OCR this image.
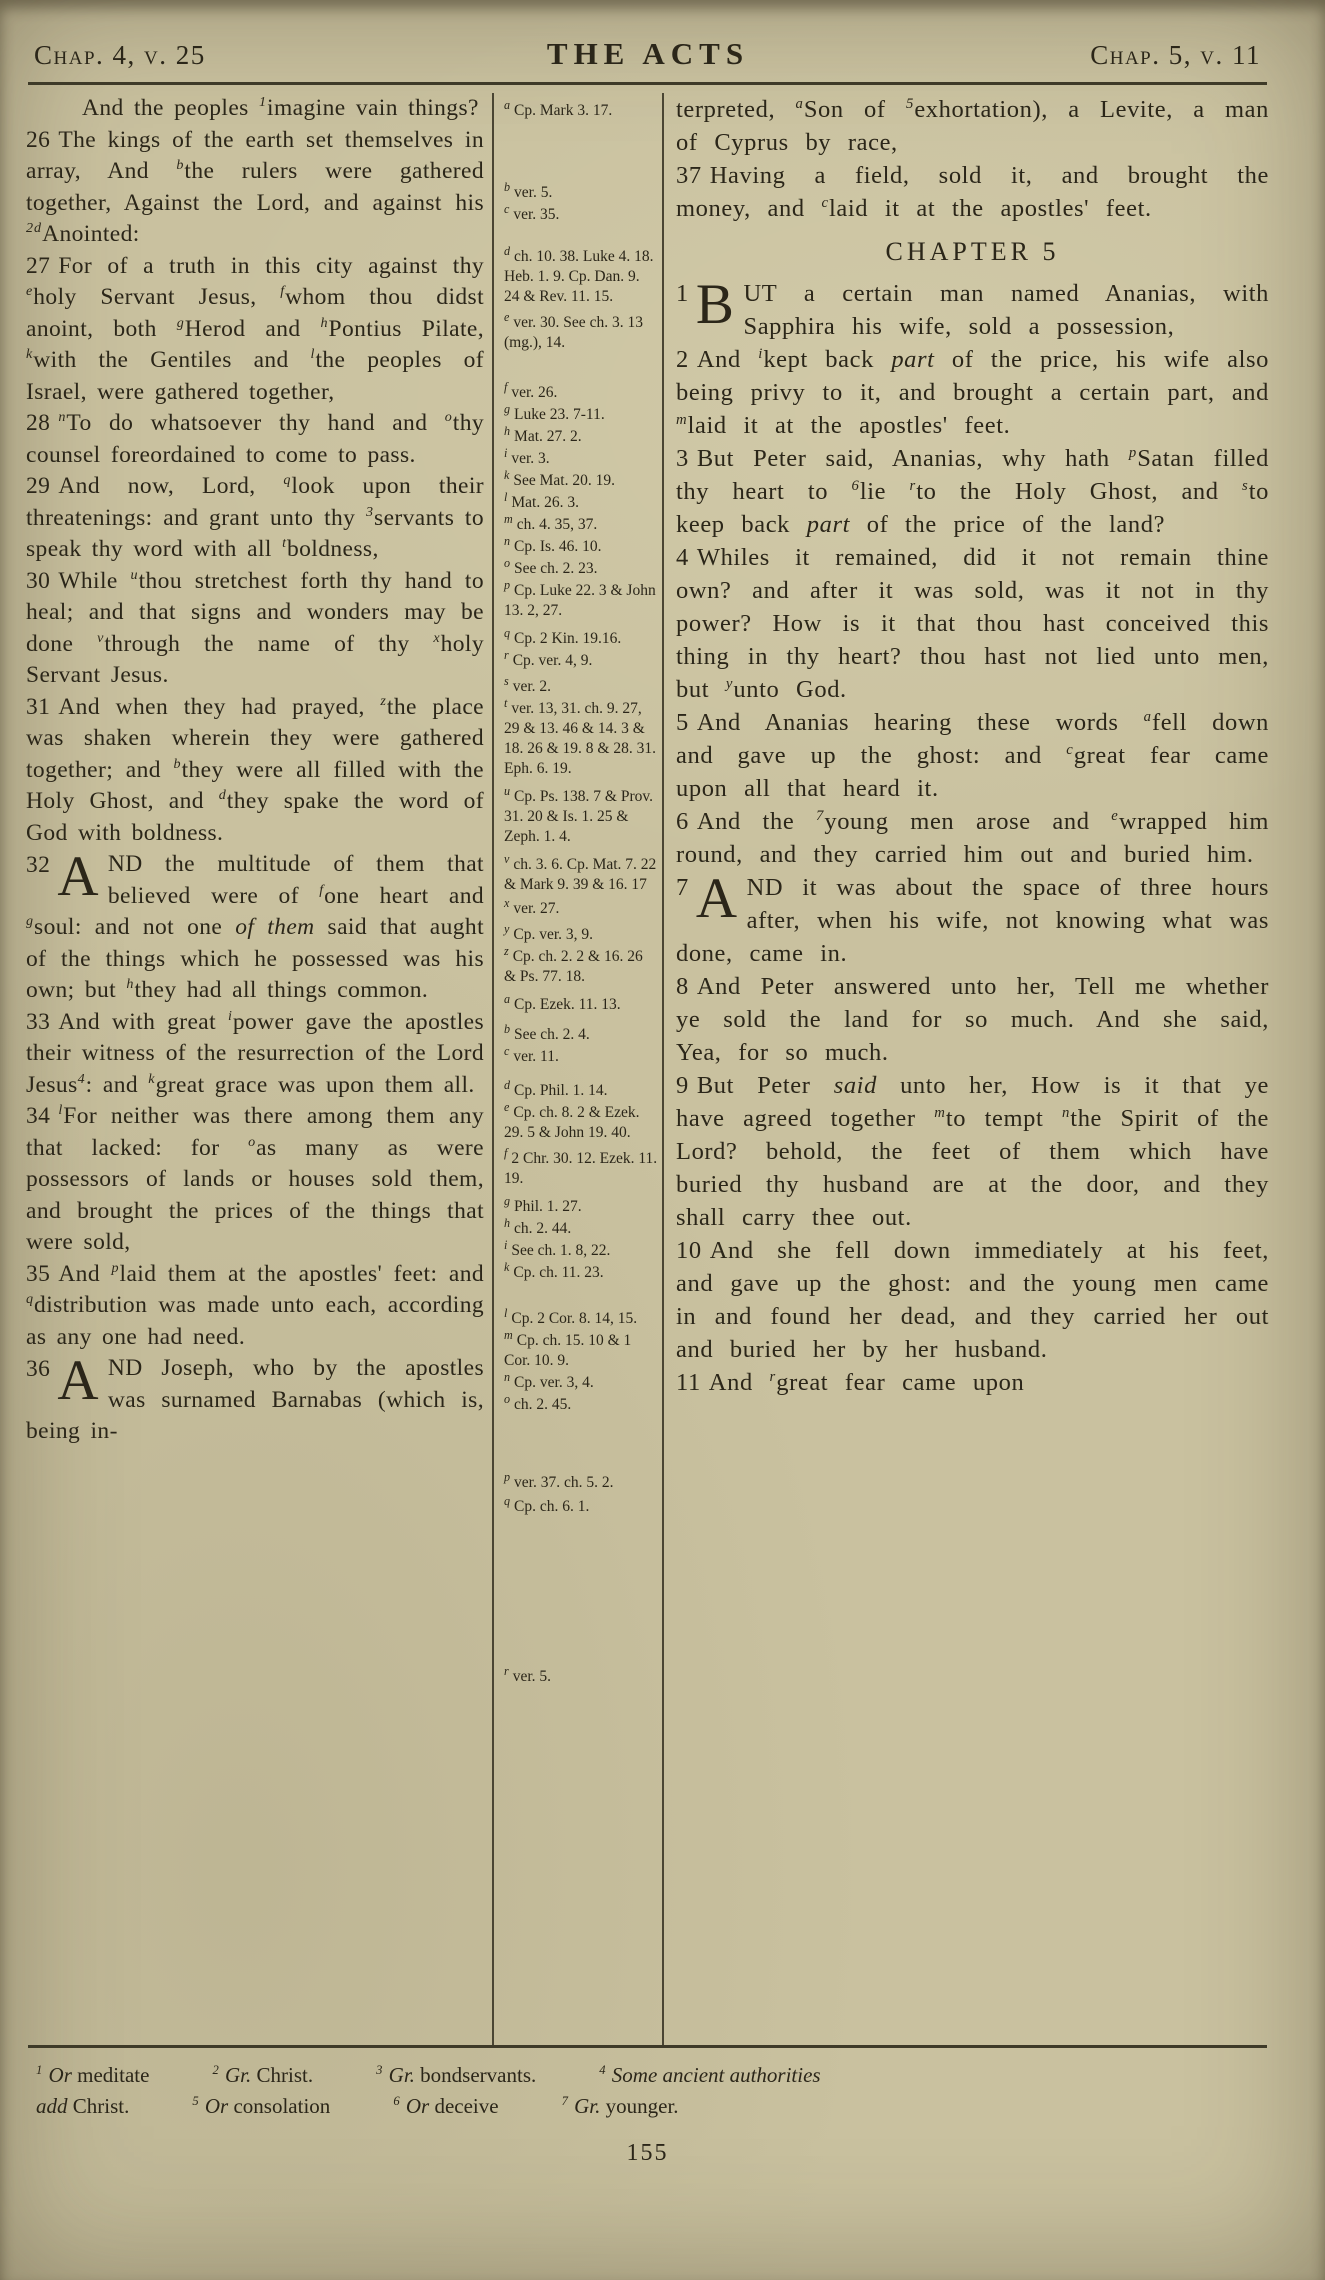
Chap. 4, v. 25	THE ACTS	Chap. 5, v. 11

And the peoples $^1$imagine vain things?

26 The kings of the earth set themselves in array, And $^b$the rulers were gathered together, Against the Lord, and against his $^{2d}$Anointed:

27 For of a truth in this city against thy $^e$holy Servant Jesus, $^f$whom thou didst anoint, both $^g$Herod and $^h$Pontius Pilate, $^k$with the Gentiles and $^l$the peoples of Israel, were gathered together,

28 $^n$To do whatsoever thy hand and $^o$thy counsel foreordained to come to pass.

29 And now, Lord, $^q$look upon their threatenings: and grant unto thy $^3$servants to speak thy word with all $^t$boldness,

30 While $^u$thou stretchest forth thy hand to heal; and that signs and wonders may be done $^v$through the name of thy $^x$holy Servant Jesus.

31 And when they had prayed, $^z$the place was shaken wherein they were gathered together; and $^b$they were all filled with the Holy Ghost, and $^d$they spake the word of God with boldness.

32 A ND the multitude of them that believed were of $^f$one heart and $^g$soul: and not one of them said that aught of the things which he possessed was his own; but $^h$they had all things common.

33 And with great $^i$power gave the apostles their witness of the resurrection of the Lord Jesus$^4$: and $^k$great grace was upon them all.

34 $^l$For neither was there among them any that lacked: for $^o$as many as were possessors of lands or houses sold them, and brought the prices of the things that were sold,

35 And $^p$laid them at the apostles' feet: and $^q$distribution was made unto each, according as any one had need.

36 A ND Joseph, who by the apostles was surnamed Barnabas (which is, being in-

$^a$ Cp. Mark 3. 17.
$^b$ ver. 5.
$^c$ ver. 35.
$^d$ ch. 10. 38. Luke 4. 18. Heb. 1. 9. Cp. Dan. 9. 24 & Rev. 11. 15.
$^e$ ver. 30. See ch. 3. 13 (mg.), 14.
$^f$ ver. 26.
$^g$ Luke 23. 7-11.
$^h$ Mat. 27. 2.
$^i$ ver. 3.
$^k$ See Mat. 20. 19.
$^l$ Mat. 26. 3.
$^m$ ch. 4. 35, 37.
$^n$ Cp. Is. 46. 10.
$^o$ See ch. 2. 23.
$^p$ Cp. Luke 22. 3 & John 13. 2, 27.
$^q$ Cp. 2 Kin. 19.16.
$^r$ Cp. ver. 4, 9.
$^s$ ver. 2.
$^t$ ver. 13, 31. ch. 9. 27, 29 & 13. 46 & 14. 3 & 18. 26 & 19. 8 & 28. 31. Eph. 6. 19.
$^u$ Cp. Ps. 138. 7 & Prov. 31. 20 & Is. 1. 25 & Zeph. 1. 4.
$^v$ ch. 3. 6. Cp. Mat. 7. 22 & Mark 9. 39 & 16. 17
$^x$ ver. 27.
$^y$ Cp. ver. 3, 9.
$^z$ Cp. ch. 2. 2 & 16. 26 & Ps. 77. 18.
$^a$ Cp. Ezek. 11. 13.
$^b$ See ch. 2. 4.
$^c$ ver. 11.
$^d$ Cp. Phil. 1. 14.
$^e$ Cp. ch. 8. 2 & Ezek. 29. 5 & John 19. 40.
$^f$ 2 Chr. 30. 12. Ezek. 11. 19.
$^g$ Phil. 1. 27.
$^h$ ch. 2. 44.
$^i$ See ch. 1. 8, 22.
$^k$ Cp. ch. 11. 23.
$^l$ Cp. 2 Cor. 8. 14, 15.
$^m$ Cp. ch. 15. 10 & 1 Cor. 10. 9.
$^n$ Cp. ver. 3, 4.
$^o$ ch. 2. 45.
$^p$ ver. 37. ch. 5. 2.
$^q$ Cp. ch. 6. 1.
$^r$ ver. 5.

terpreted, $^a$Son of $^5$exhortation), a Levite, a man of Cyprus by race,

37 Having a field, sold it, and brought the money, and $^c$laid it at the apostles' feet.

CHAPTER 5

1 B UT a certain man named Ananias, with Sapphira his wife, sold a possession,

2 And $^i$kept back part of the price, his wife also being privy to it, and brought a certain part, and $^m$laid it at the apostles' feet.

3 But Peter said, Ananias, why hath $^p$Satan filled thy heart to $^6$lie $^r$to the Holy Ghost, and $^s$to keep back part of the price of the land?

4 Whiles it remained, did it not remain thine own? and after it was sold, was it not in thy power? How is it that thou hast conceived this thing in thy heart? thou hast not lied unto men, but $^y$unto God.

5 And Ananias hearing these words $^a$fell down and gave up the ghost: and $^c$great fear came upon all that heard it.

6 And the $^7$young men arose and $^e$wrapped him round, and they carried him out and buried him.

7 A ND it was about the space of three hours after, when his wife, not knowing what was done, came in.

8 And Peter answered unto her, Tell me whether ye sold the land for so much. And she said, Yea, for so much.

9 But Peter said unto her, How is it that ye have agreed together $^m$to tempt $^n$the Spirit of the Lord? behold, the feet of them which have buried thy husband are at the door, and they shall carry thee out.

10 And she fell down immediately at his feet, and gave up the ghost: and the young men came in and found her dead, and they carried her out and buried her by her husband.

11 And $^r$great fear came upon

$^1$ Or meditate   $^2$ Gr. Christ.   $^3$ Gr. bondservants.   $^4$ Some ancient authorities
add Christ.   $^5$ Or consolation   $^6$ Or deceive   $^7$ Gr. younger.
155
